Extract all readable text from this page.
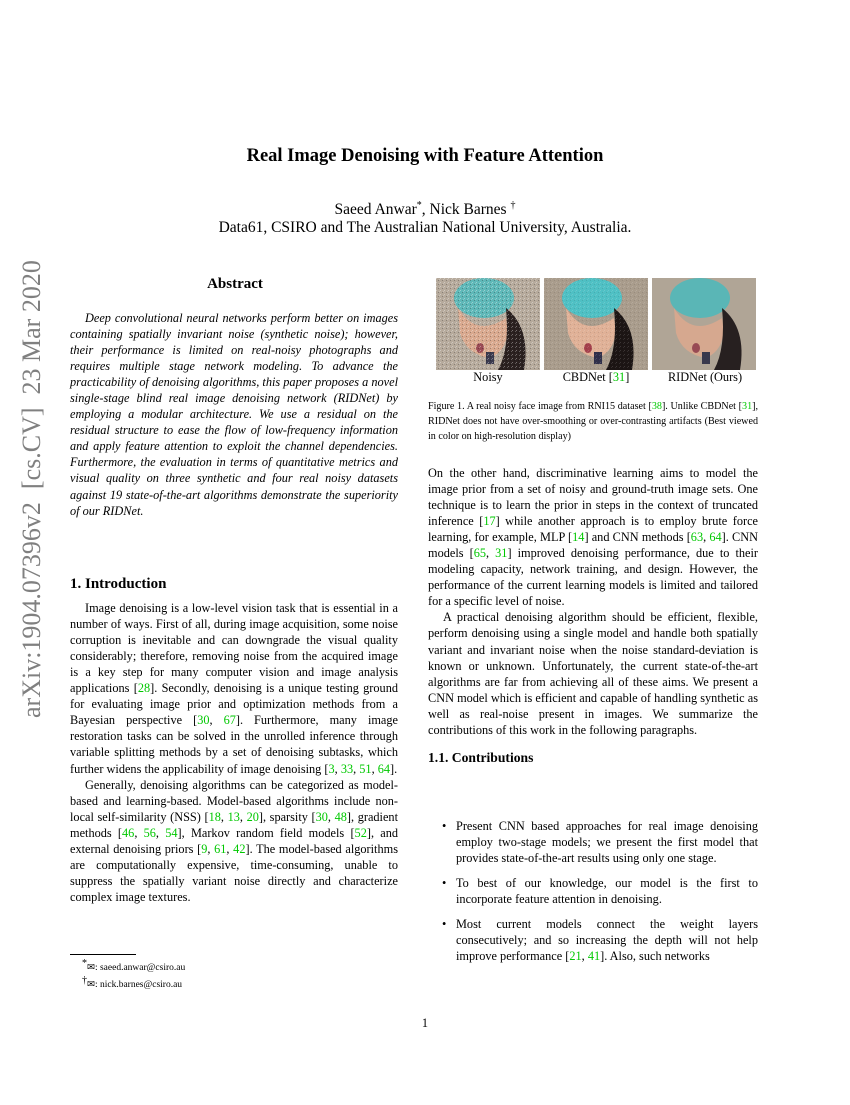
arXiv:1904.07396v2  [cs.CV]  23 Mar 2020
Real Image Denoising with Feature Attention
Saeed Anwar*, Nick Barnes †
Data61, CSIRO and The Australian National University, Australia.
Abstract

Deep convolutional neural networks perform better on images containing spatially invariant noise (synthetic noise); however, their performance is limited on real-noisy photographs and requires multiple stage network modeling. To advance the practicability of denoising algorithms, this paper proposes a novel single-stage blind real image denoising network (RIDNet) by employing a modular architecture. We use a residual on the residual structure to ease the flow of low-frequency information and apply feature attention to exploit the channel dependencies. Furthermore, the evaluation in terms of quantitative metrics and visual quality on three synthetic and four real noisy datasets against 19 state-of-the-art algorithms demonstrate the superiority of our RIDNet.

1. Introduction

Image denoising is a low-level vision task that is essential in a number of ways. First of all, during image acquisition, some noise corruption is inevitable and can downgrade the visual quality considerably; therefore, removing noise from the acquired image is a key step for many computer vision and image analysis applications [28]. Secondly, denoising is a unique testing ground for evaluating image prior and optimization methods from a Bayesian perspective [30, 67]. Furthermore, many image restoration tasks can be solved in the unrolled inference through variable splitting methods by a set of denoising subtasks, which further widens the applicability of image denoising [3, 33, 51, 64].

Generally, denoising algorithms can be categorized as model-based and learning-based. Model-based algorithms include non-local self-similarity (NSS) [18, 13, 20], sparsity [30, 48], gradient methods [46, 56, 54], Markov random field models [52], and external denoising priors [9, 61, 42]. The model-based algorithms are computationally expensive, time-consuming, unable to suppress the spatially variant noise directly and characterize complex image textures.

Noisy	CBDNet [31]	RIDNet (Ours)
Figure 1. A real noisy face image from RNI15 dataset [38]. Unlike CBDNet [31], RIDNet does not have over-smoothing or over-contrasting artifacts (Best viewed in color on high-resolution display)

On the other hand, discriminative learning aims to model the image prior from a set of noisy and ground-truth image sets. One technique is to learn the prior in steps in the context of truncated inference [17] while another approach is to employ brute force learning, for example, MLP [14] and CNN methods [63, 64]. CNN models [65, 31] improved denoising performance, due to their modeling capacity, network training, and design. However, the performance of the current learning models is limited and tailored for a specific level of noise.

A practical denoising algorithm should be efficient, flexible, perform denoising using a single model and handle both spatially variant and invariant noise when the noise standard-deviation is known or unknown. Unfortunately, the current state-of-the-art algorithms are far from achieving all of these aims. We present a CNN model which is efficient and capable of handling synthetic as well as real-noise present in images. We summarize the contributions of this work in the following paragraphs.

1.1. Contributions
• Present CNN based approaches for real image denoising employ two-stage models; we present the first model that provides state-of-the-art results using only one stage.
• To best of our knowledge, our model is the first to incorporate feature attention in denoising.
• Most current models connect the weight layers consecutively; and so increasing the depth will not help improve performance [21, 41]. Also, such networks
*✉: saeed.anwar@csiro.au
†✉: nick.barnes@csiro.au
1
